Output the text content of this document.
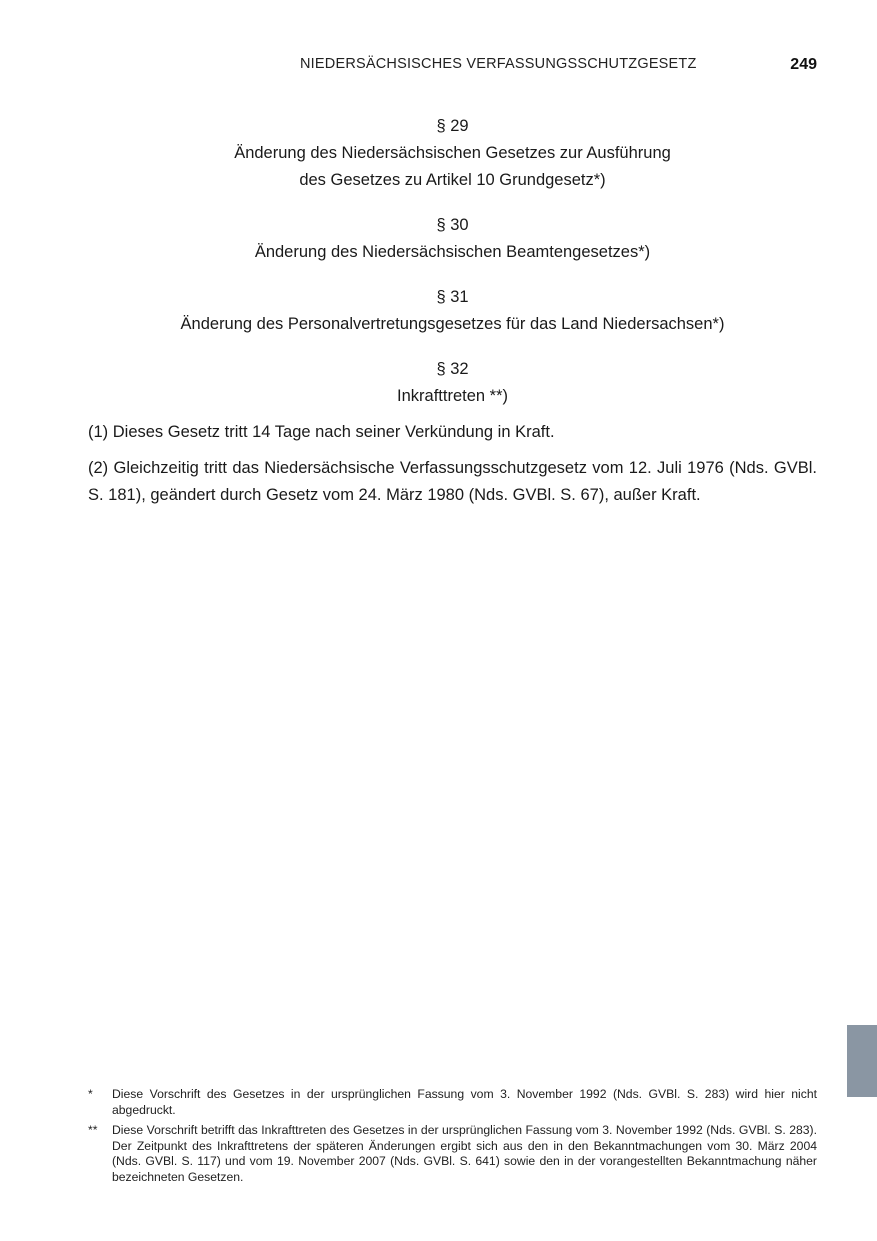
NIEDERSÄCHSISCHES VERFASSUNGSSCHUTZGESETZ	249
§ 29
Änderung des Niedersächsischen Gesetzes zur Ausführung
des Gesetzes zu Artikel 10 Grundgesetz*)
§ 30
Änderung des Niedersächsischen Beamtengesetzes*)
§ 31
Änderung des Personalvertretungsgesetzes für das Land Niedersachsen*)
§ 32
Inkrafttreten **)
(1) Dieses Gesetz tritt 14 Tage nach seiner Verkündung in Kraft.
(2) Gleichzeitig tritt das Niedersächsische Verfassungsschutzgesetz vom 12. Juli 1976 (Nds. GVBl. S. 181), geändert durch Gesetz vom 24. März 1980 (Nds. GVBl. S. 67), außer Kraft.
*	Diese Vorschrift des Gesetzes in der ursprünglichen Fassung vom 3. November 1992 (Nds. GVBl. S. 283) wird hier nicht abgedruckt.
**	Diese Vorschrift betrifft das Inkrafttreten des Gesetzes in der ursprünglichen Fassung vom 3. November 1992 (Nds. GVBl. S. 283). Der Zeitpunkt des Inkrafttretens der späteren Änderungen ergibt sich aus den in den Bekanntmachungen vom 30. März 2004 (Nds. GVBl. S. 117) und vom 19. November 2007 (Nds. GVBl. S. 641) sowie den in der vorangestellten Bekanntmachung näher bezeichneten Gesetzen.
